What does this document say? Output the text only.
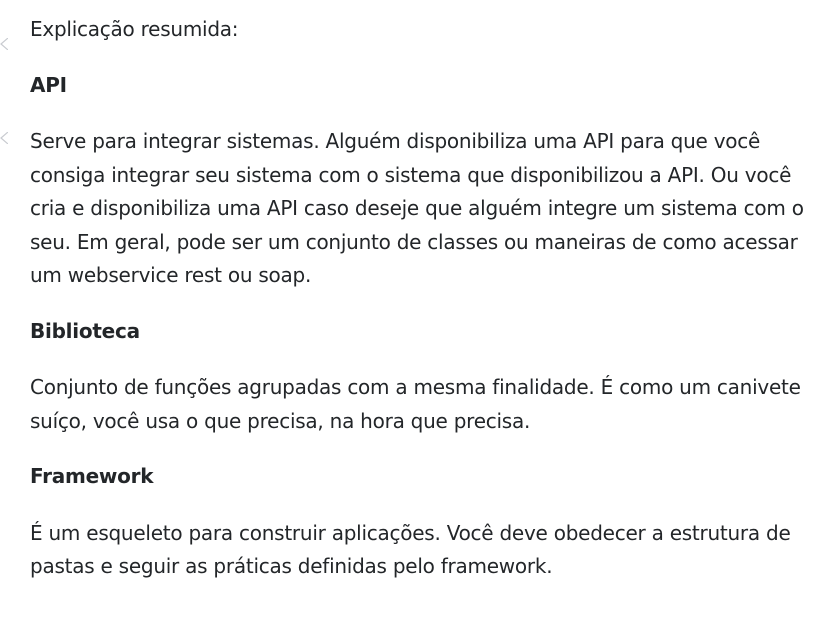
Explicação resumida:

API

Serve para integrar sistemas. Alguém disponibiliza uma API para que você consiga integrar seu sistema com o sistema que disponibilizou a API. Ou você cria e disponibiliza uma API caso deseje que alguém integre um sistema com o seu. Em geral, pode ser um conjunto de classes ou maneiras de como acessar um webservice rest ou soap.

Biblioteca

Conjunto de funções agrupadas com a mesma finalidade. É como um canivete suíço, você usa o que precisa, na hora que precisa.

Framework

É um esqueleto para construir aplicações. Você deve obedecer a estrutura de pastas e seguir as práticas definidas pelo framework.
